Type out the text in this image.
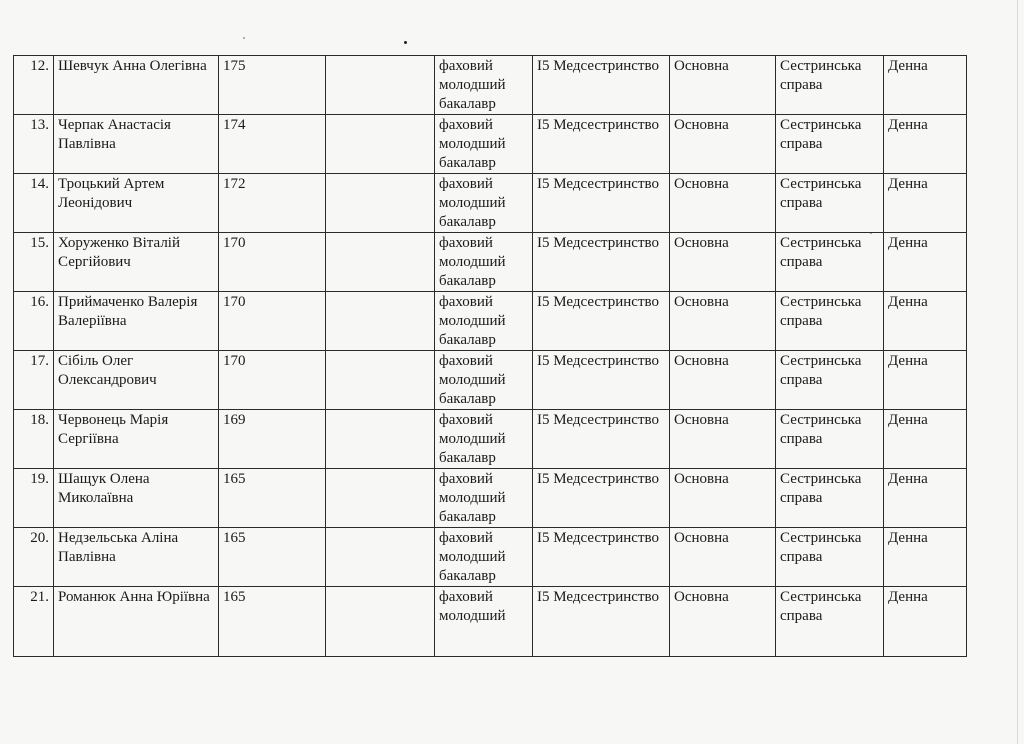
12.	Шевчук Анна Олегівна	175		фаховий молодший бакалавр	І5 Медсестринство	Основна	Сестринська справа	Денна
13.	Черпак Анастасія Павлівна	174		фаховий молодший бакалавр	І5 Медсестринство	Основна	Сестринська справа	Денна
14.	Троцький Артем Леонідович	172		фаховий молодший бакалавр	І5 Медсестринство	Основна	Сестринська справа	Денна
15.	Хоруженко Віталій Сергійович	170		фаховий молодший бакалавр	І5 Медсестринство	Основна	Сестринська справа	Денна
16.	Приймаченко Валерія Валеріївна	170		фаховий молодший бакалавр	І5 Медсестринство	Основна	Сестринська справа	Денна
17.	Сібіль Олег Олександрович	170		фаховий молодший бакалавр	І5 Медсестринство	Основна	Сестринська справа	Денна
18.	Червонець Марія Сергіївна	169		фаховий молодший бакалавр	І5 Медсестринство	Основна	Сестринська справа	Денна
19.	Шащук Олена Миколаївна	165		фаховий молодший бакалавр	І5 Медсестринство	Основна	Сестринська справа	Денна
20.	Недзельська Аліна Павлівна	165		фаховий молодший бакалавр	І5 Медсестринство	Основна	Сестринська справа	Денна
21.	Романюк Анна Юріївна	165		фаховий молодший	І5 Медсестринство	Основна	Сестринська справа	Денна
